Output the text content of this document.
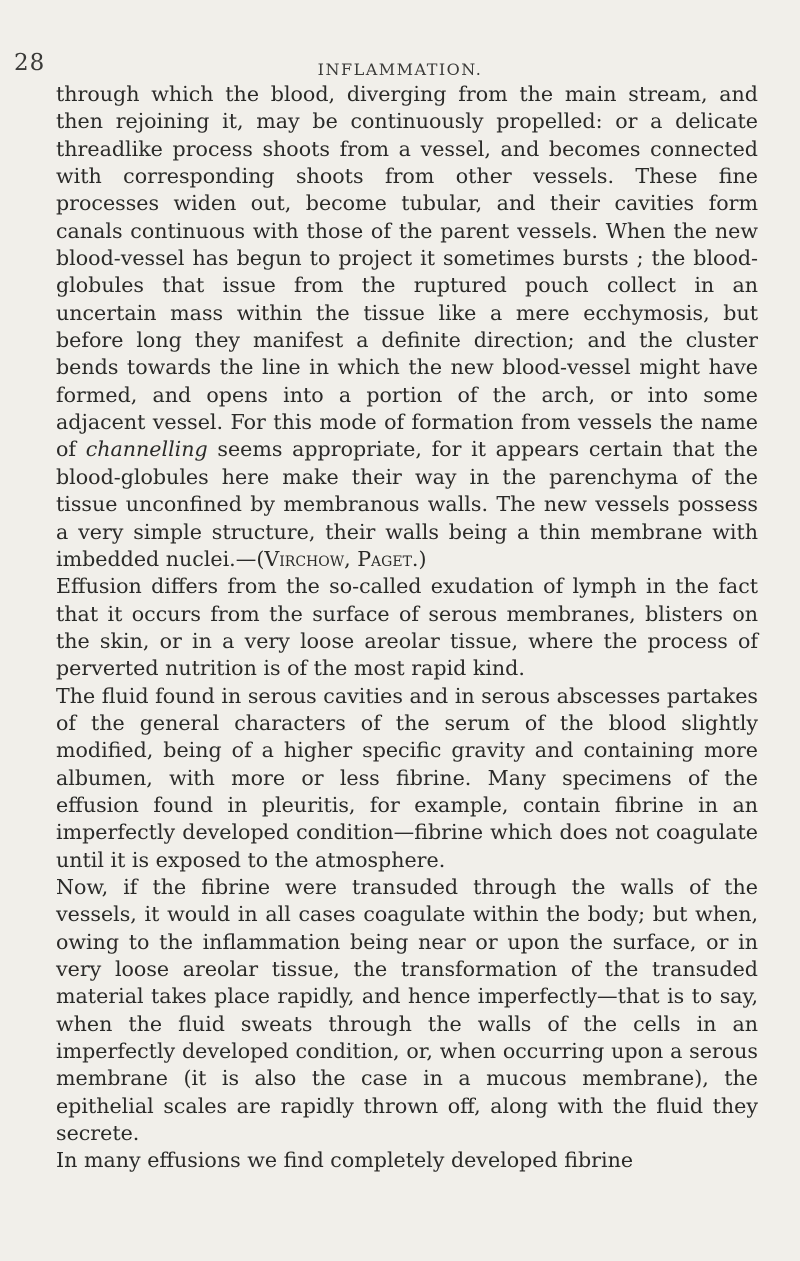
28	INFLAMMATION.

through which the blood, diverging from the main stream, and then rejoining it, may be continuously propelled: or a delicate threadlike process shoots from a vessel, and becomes connected with corresponding shoots from other vessels. These fine processes widen out, become tubular, and their cavities form canals continuous with those of the parent vessels. When the new blood-vessel has begun to project it sometimes bursts ; the blood-globules that issue from the ruptured pouch collect in an uncertain mass within the tissue like a mere ecchymosis, but before long they manifest a definite direction; and the cluster bends towards the line in which the new blood-vessel might have formed, and opens into a portion of the arch, or into some adjacent vessel. For this mode of formation from vessels the name of channelling seems appropriate, for it appears certain that the blood-globules here make their way in the parenchyma of the tissue unconfined by membranous walls. The new vessels possess a very simple structure, their walls being a thin membrane with imbedded nuclei.—(Virchow, Paget.)

Effusion differs from the so-called exudation of lymph in the fact that it occurs from the surface of serous membranes, blisters on the skin, or in a very loose areolar tissue, where the process of perverted nutrition is of the most rapid kind.

The fluid found in serous cavities and in serous abscesses partakes of the general characters of the serum of the blood slightly modified, being of a higher specific gravity and containing more albumen, with more or less fibrine. Many specimens of the effusion found in pleuritis, for example, contain fibrine in an imperfectly developed condition—fibrine which does not coagulate until it is exposed to the atmosphere.

Now, if the fibrine were transuded through the walls of the vessels, it would in all cases coagulate within the body; but when, owing to the inflammation being near or upon the surface, or in very loose areolar tissue, the transformation of the transuded material takes place rapidly, and hence imperfectly—that is to say, when the fluid sweats through the walls of the cells in an imperfectly developed condition, or, when occurring upon a serous membrane (it is also the case in a mucous membrane), the epithelial scales are rapidly thrown off, along with the fluid they secrete.

In many effusions we find completely developed fibrine
